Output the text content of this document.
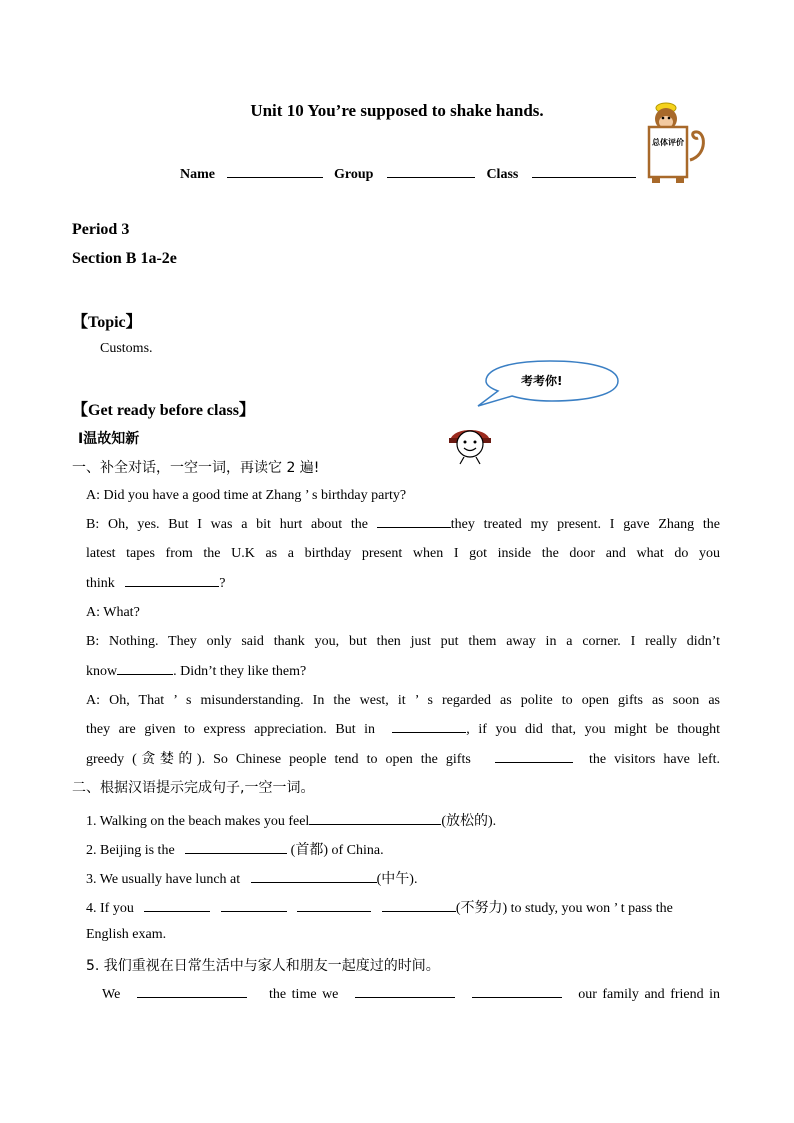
Unit 10 You’re supposed to shake hands.
Name	Group	Class
总体评价
Period 3
Section B 1a-2e
【Topic】
Customs.
考考你!
【Get ready before class】
Ⅰ温故知新
一、补全对话，一空一词，再读它 2 遍!
A: Did you have a good time at Zhang ’ s birthday party?
B: Oh, yes. But I was a bit hurt about the	they treated my present. I gave Zhang the
latest tapes from the U.K as a birthday present when I got inside the door and what do you
think	?
A: What?
B: Nothing. They only said thank you, but then just put them away in a corner. I really didn’t
know	. Didn’t they like them?
A: Oh, That ’ s misunderstanding. In the west, it ’ s regarded as polite to open gifts as soon as
they are given to express appreciation. But in	, if you did that, you might be thought
greedy (贪婪的). So Chinese people tend to open the gifts	the visitors have left.
二、根据汉语提示完成句子,一空一词。
1. Walking on the beach makes you feel	(放松的).
2. Beijing is the	(首都) of China.
3. We usually have lunch at	(中午).
4. If you	(不努力) to study, you won ’ t pass the
English exam.
5. 我们重视在日常生活中与家人和朋友一起度过的时间。
We	the time we	our family and friend in
